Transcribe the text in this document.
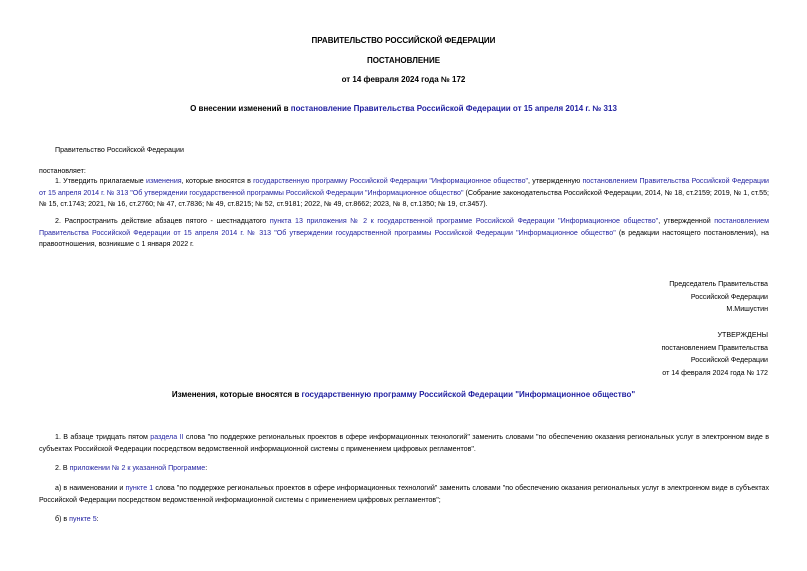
ПРАВИТЕЛЬСТВО РОССИЙСКОЙ ФЕДЕРАЦИИ
ПОСТАНОВЛЕНИЕ
от 14 февраля 2024 года № 172
О внесении изменений в постановление Правительства Российской Федерации от 15 апреля 2014 г. № 313
Правительство Российской Федерации
постановляет:
1. Утвердить прилагаемые изменения, которые вносятся в государственную программу Российской Федерации "Информационное общество", утвержденную постановлением Правительства Российской Федерации от 15 апреля 2014 г. № 313 "Об утверждении государственной программы Российской Федерации "Информационное общество" (Собрание законодательства Российской Федерации, 2014, № 18, ст.2159; 2019, № 1, ст.55; № 15, ст.1743; 2021, № 16, ст.2760; № 47, ст.7836; № 49, ст.8215; № 52, ст.9181; 2022, № 49, ст.8662; 2023, № 8, ст.1350; № 19, ст.3457).
2. Распространить действие абзацев пятого - шестнадцатого пункта 13 приложения № 2 к государственной программе Российской Федерации "Информационное общество", утвержденной постановлением Правительства Российской Федерации от 15 апреля 2014 г. № 313 "Об утверждении государственной программы Российской Федерации "Информационное общество" (в редакции настоящего постановления), на правоотношения, возникшие с 1 января 2022 г.
Председатель Правительства
Российской Федерации
М.Мишустин
УТВЕРЖДЕНЫ
постановлением Правительства
Российской Федерации
от 14 февраля 2024 года № 172
Изменения, которые вносятся в государственную программу Российской Федерации "Информационное общество"
1. В абзаце тридцать пятом раздела II слова "по поддержке региональных проектов в сфере информационных технологий" заменить словами "по обеспечению оказания региональных услуг в электронном виде в субъектах Российской Федерации посредством ведомственной информационной системы с применением цифровых регламентов".
2. В приложении № 2 к указанной Программе:
а) в наименовании и пункте 1 слова "по поддержке региональных проектов в сфере информационных технологий" заменить словами "по обеспечению оказания региональных услуг в электронном виде в субъектах Российской Федерации посредством ведомственной информационной системы с применением цифровых регламентов";
б) в пункте 5:
